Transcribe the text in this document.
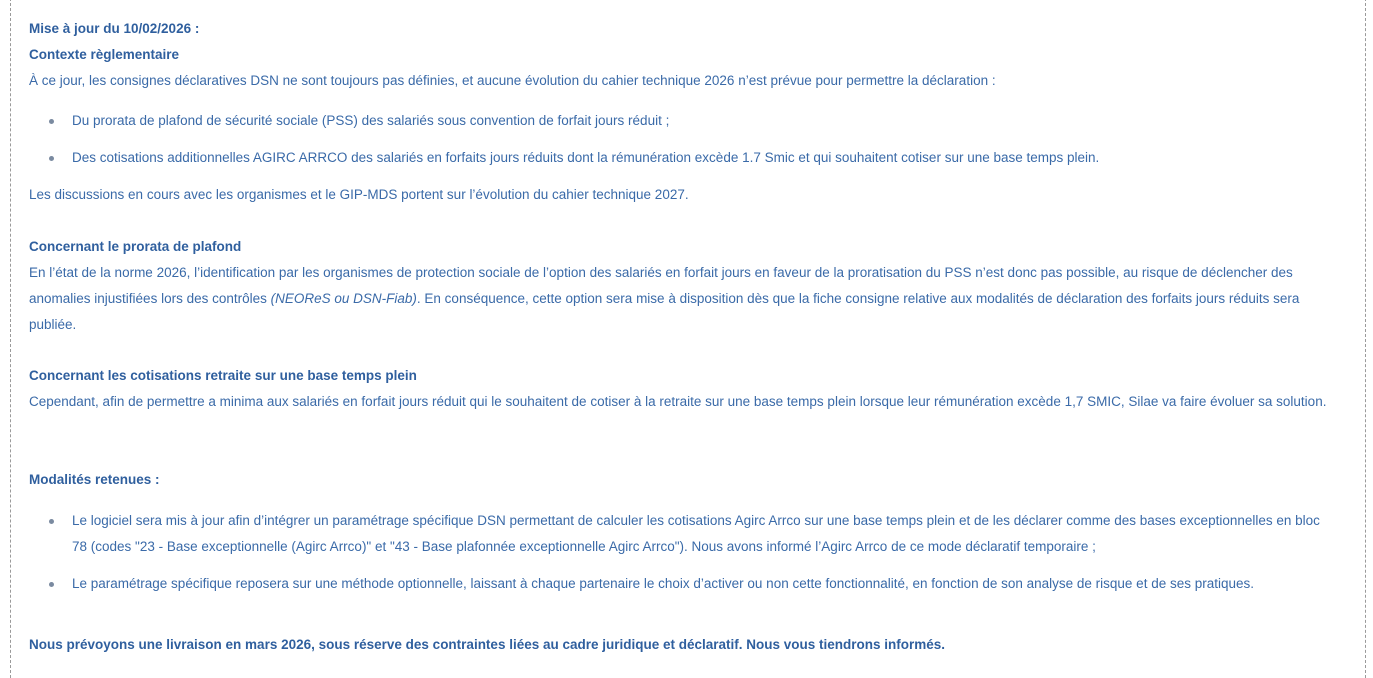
Mise à jour du 10/02/2026 :
Contexte règlementaire
À ce jour, les consignes déclaratives DSN ne sont toujours pas définies, et aucune évolution du cahier technique 2026 n’est prévue pour permettre la déclaration :
Du prorata de plafond de sécurité sociale (PSS) des salariés sous convention de forfait jours réduit ;
Des cotisations additionnelles AGIRC ARRCO des salariés en forfaits jours réduits dont la rémunération excède 1.7 Smic et qui souhaitent cotiser sur une base temps plein.
Les discussions en cours avec les organismes et le GIP-MDS portent sur l’évolution du cahier technique 2027.
Concernant le prorata de plafond
En l’état de la norme 2026, l’identification par les organismes de protection sociale de l’option des salariés en forfait jours en faveur de la proratisation du PSS n’est donc pas possible, au risque de déclencher des anomalies injustifiées lors des contrôles (NEOReS ou DSN-Fiab). En conséquence, cette option sera mise à disposition dès que la fiche consigne relative aux modalités de déclaration des forfaits jours réduits sera publiée.
Concernant les cotisations retraite sur une base temps plein
Cependant, afin de permettre a minima aux salariés en forfait jours réduit qui le souhaitent de cotiser à la retraite sur une base temps plein lorsque leur rémunération excède 1,7 SMIC, Silae va faire évoluer sa solution.
Modalités retenues :
Le logiciel sera mis à jour afin d’intégrer un paramétrage spécifique DSN permettant de calculer les cotisations Agirc Arrco sur une base temps plein et de les déclarer comme des bases exceptionnelles en bloc 78 (codes "23 - Base exceptionnelle (Agirc Arrco)" et "43 - Base plafonnée exceptionnelle Agirc Arrco"). Nous avons informé l’Agirc Arrco de ce mode déclaratif temporaire ;
Le paramétrage spécifique reposera sur une méthode optionnelle, laissant à chaque partenaire le choix d’activer ou non cette fonctionnalité, en fonction de son analyse de risque et de ses pratiques.
Nous prévoyons une livraison en mars 2026, sous réserve des contraintes liées au cadre juridique et déclaratif. Nous vous tiendrons informés.
